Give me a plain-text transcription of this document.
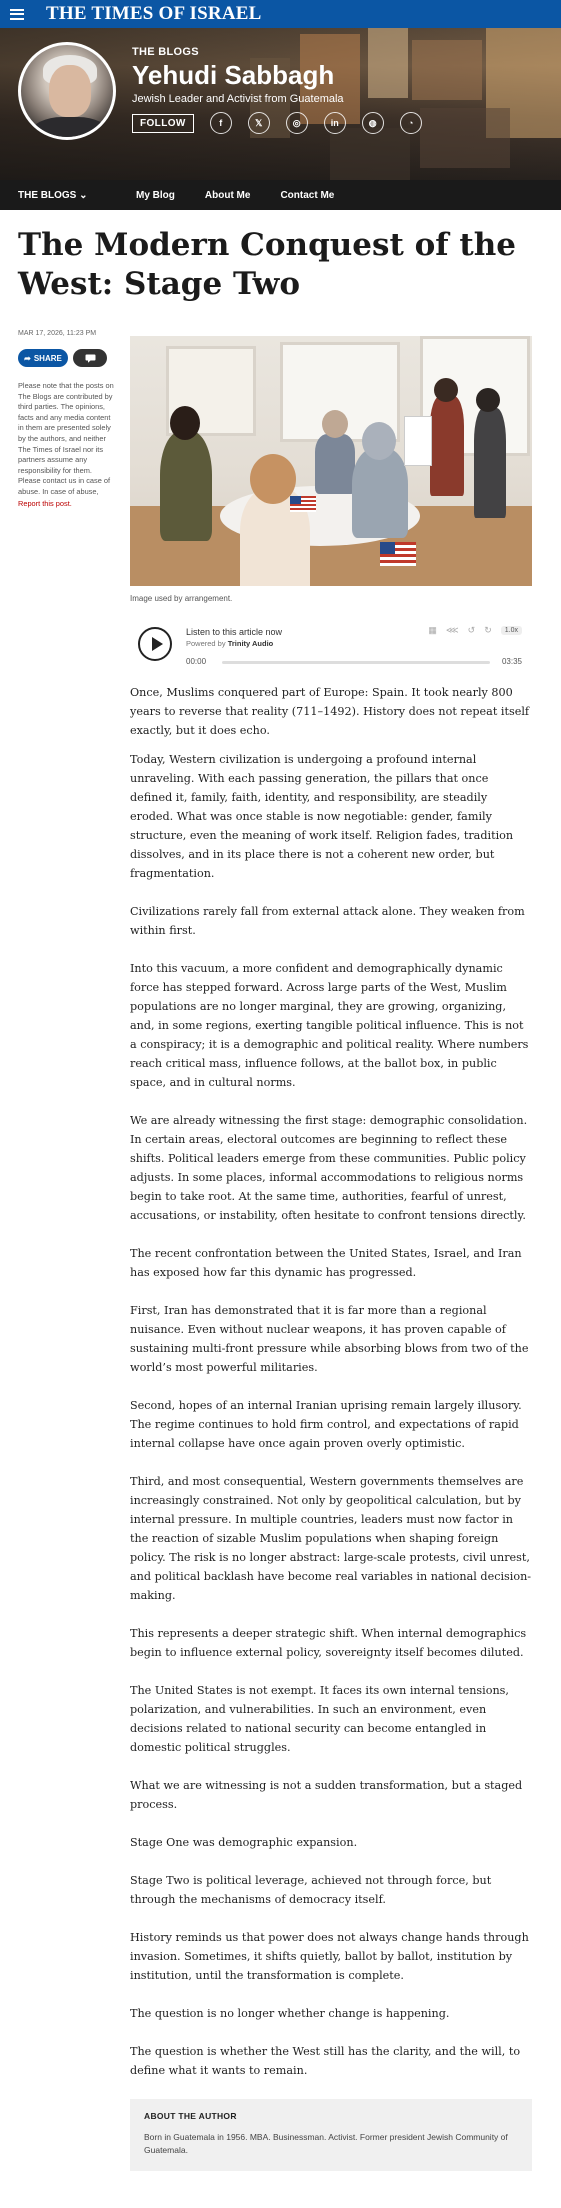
THE TIMES OF ISRAEL
THE BLOGS
Yehudi Sabbagh
Jewish Leader and Activist from Guatemala
FOLLOW	f	𝕏	◎	in	◍	◔
THE BLOGS ⌄	My Blog	About Me	Contact Me
The Modern Conquest of the West: Stage Two
MAR 17, 2026, 11:23 PM
➦ SHARE
Please note that the posts on The Blogs are contributed by third parties. The opinions, facts and any media content in them are presented solely by the authors, and neither The Times of Israel nor its partners assume any responsibility for them. Please contact us in case of abuse. In case of abuse,
Report this post.
Image used by arrangement.
Listen to this article now
Powered by Trinity Audio
▦ ⋘ ↺ ↻	1.0x
00:00	03:35

Once, Muslims conquered part of Europe: Spain. It took nearly 800 years to reverse that reality (711–1492). History does not repeat itself exactly, but it does echo.

Today, Western civilization is undergoing a profound internal unraveling. With each passing generation, the pillars that once defined it, family, faith, identity, and responsibility, are steadily eroded. What was once stable is now negotiable: gender, family structure, even the meaning of work itself. Religion fades, tradition dissolves, and in its place there is not a coherent new order, but fragmentation.

Civilizations rarely fall from external attack alone. They weaken from within first.

Into this vacuum, a more confident and demographically dynamic force has stepped forward. Across large parts of the West, Muslim populations are no longer marginal, they are growing, organizing, and, in some regions, exerting tangible political influence. This is not a conspiracy; it is a demographic and political reality. Where numbers reach critical mass, influence follows, at the ballot box, in public space, and in cultural norms.

We are already witnessing the first stage: demographic consolidation. In certain areas, electoral outcomes are beginning to reflect these shifts. Political leaders emerge from these communities. Public policy adjusts. In some places, informal accommodations to religious norms begin to take root. At the same time, authorities, fearful of unrest, accusations, or instability, often hesitate to confront tensions directly.

The recent confrontation between the United States, Israel, and Iran has exposed how far this dynamic has progressed.

First, Iran has demonstrated that it is far more than a regional nuisance. Even without nuclear weapons, it has proven capable of sustaining multi-front pressure while absorbing blows from two of the world’s most powerful militaries.

Second, hopes of an internal Iranian uprising remain largely illusory. The regime continues to hold firm control, and expectations of rapid internal collapse have once again proven overly optimistic.

Third, and most consequential, Western governments themselves are increasingly constrained. Not only by geopolitical calculation, but by internal pressure. In multiple countries, leaders must now factor in the reaction of sizable Muslim populations when shaping foreign policy. The risk is no longer abstract: large-scale protests, civil unrest, and political backlash have become real variables in national decision-making.

This represents a deeper strategic shift. When internal demographics begin to influence external policy, sovereignty itself becomes diluted.

The United States is not exempt. It faces its own internal tensions, polarization, and vulnerabilities. In such an environment, even decisions related to national security can become entangled in domestic political struggles.

What we are witnessing is not a sudden transformation, but a staged process.

Stage One was demographic expansion.

Stage Two is political leverage, achieved not through force, but through the mechanisms of democracy itself.

History reminds us that power does not always change hands through invasion. Sometimes, it shifts quietly, ballot by ballot, institution by institution, until the transformation is complete.

The question is no longer whether change is happening.

The question is whether the West still has the clarity, and the will, to define what it wants to remain.

ABOUT THE AUTHOR

Born in Guatemala in 1956. MBA. Businessman. Activist. Former president Jewish Community of Guatemala.
